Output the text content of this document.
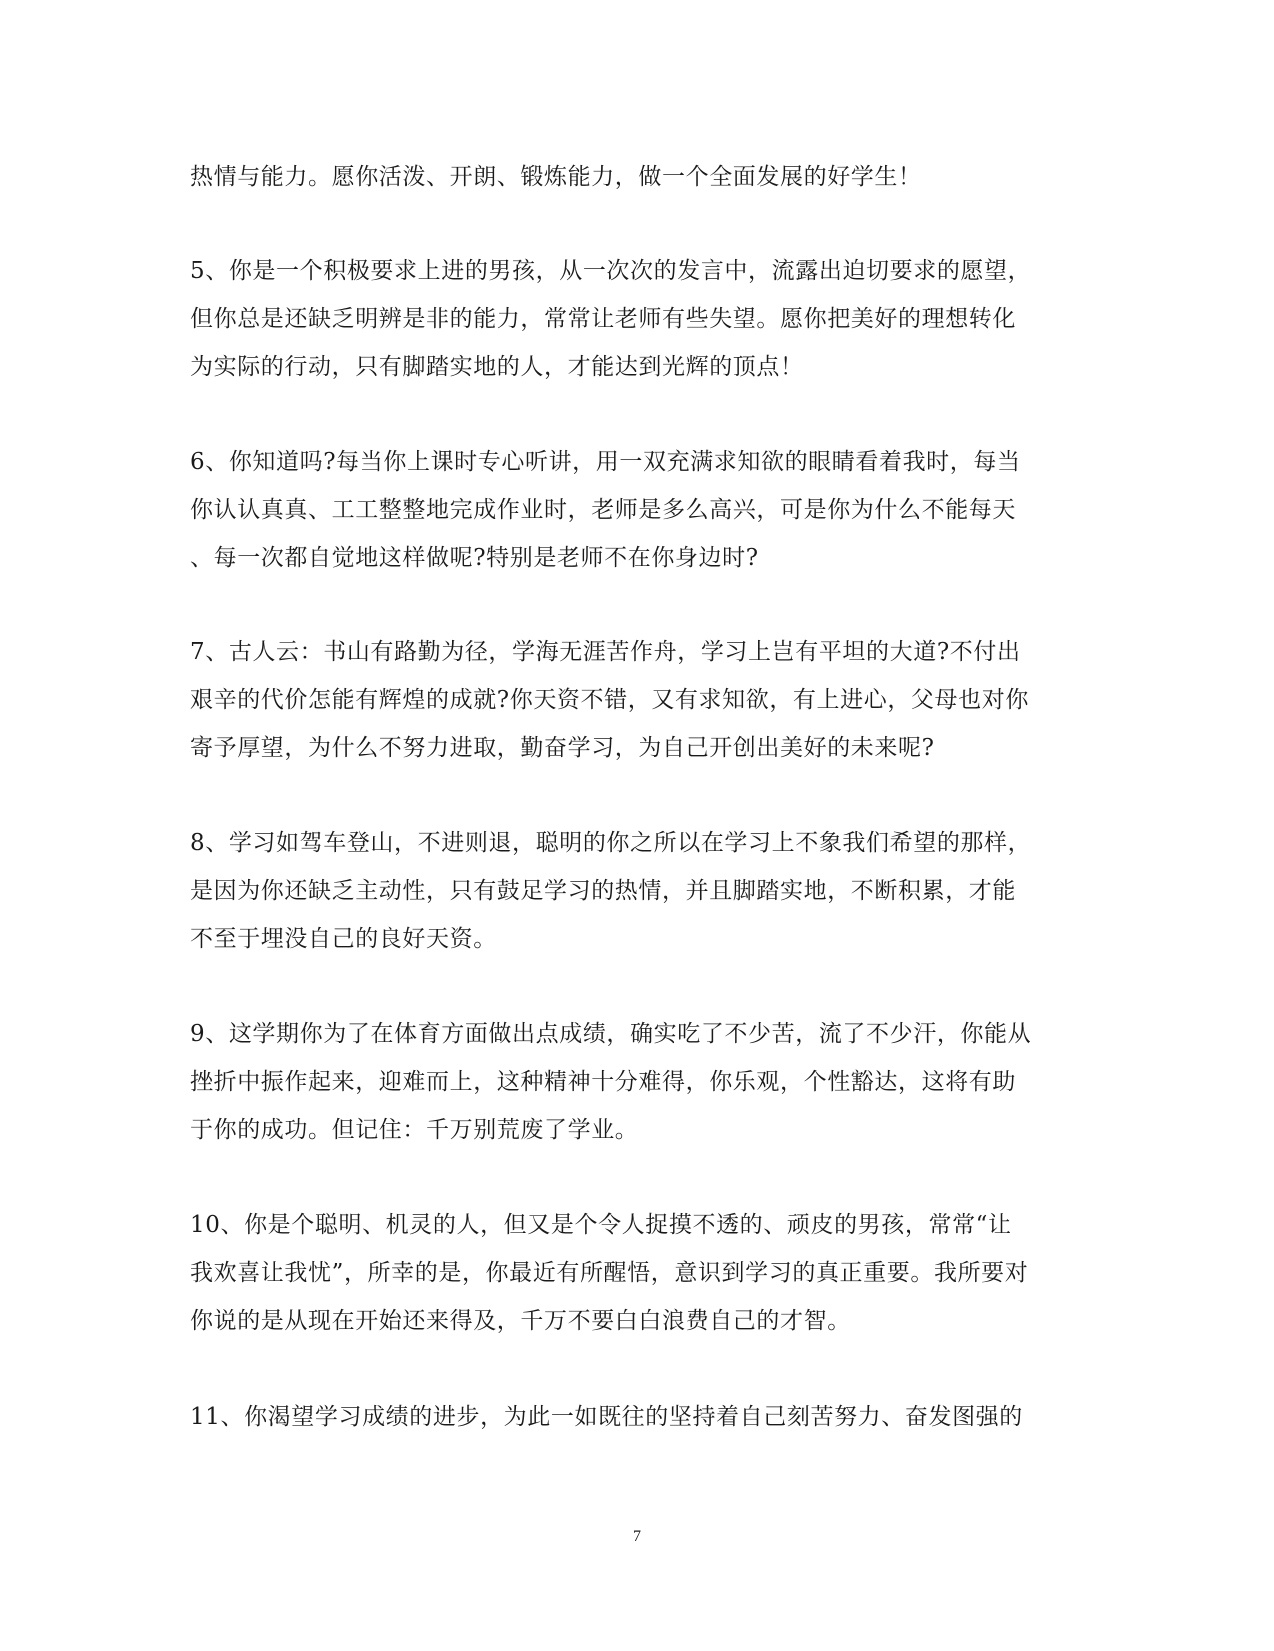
热情与能力。愿你活泼、开朗、锻炼能力，做一个全面发展的好学生！
5、你是一个积极要求上进的男孩，从一次次的发言中，流露出迫切要求的愿望，
但你总是还缺乏明辨是非的能力，常常让老师有些失望。愿你把美好的理想转化
为实际的行动，只有脚踏实地的人，才能达到光辉的顶点！
6、你知道吗?每当你上课时专心听讲，用一双充满求知欲的眼睛看着我时，每当
你认认真真、工工整整地完成作业时，老师是多么高兴，可是你为什么不能每天
、每一次都自觉地这样做呢?特别是老师不在你身边时?
7、古人云：书山有路勤为径，学海无涯苦作舟，学习上岂有平坦的大道?不付出
艰辛的代价怎能有辉煌的成就?你天资不错，又有求知欲，有上进心，父母也对你
寄予厚望，为什么不努力进取，勤奋学习，为自己开创出美好的未来呢?
8、学习如驾车登山，不进则退，聪明的你之所以在学习上不象我们希望的那样，
是因为你还缺乏主动性，只有鼓足学习的热情，并且脚踏实地，不断积累，才能
不至于埋没自己的良好天资。
9、这学期你为了在体育方面做出点成绩，确实吃了不少苦，流了不少汗，你能从
挫折中振作起来，迎难而上，这种精神十分难得，你乐观，个性豁达，这将有助
于你的成功。但记住：千万别荒废了学业。
10、你是个聪明、机灵的人，但又是个令人捉摸不透的、顽皮的男孩，常常“让
我欢喜让我忧”，所幸的是，你最近有所醒悟，意识到学习的真正重要。我所要对
你说的是从现在开始还来得及，千万不要白白浪费自己的才智。
11、你渴望学习成绩的进步，为此一如既往的坚持着自己刻苦努力、奋发图强的
7
